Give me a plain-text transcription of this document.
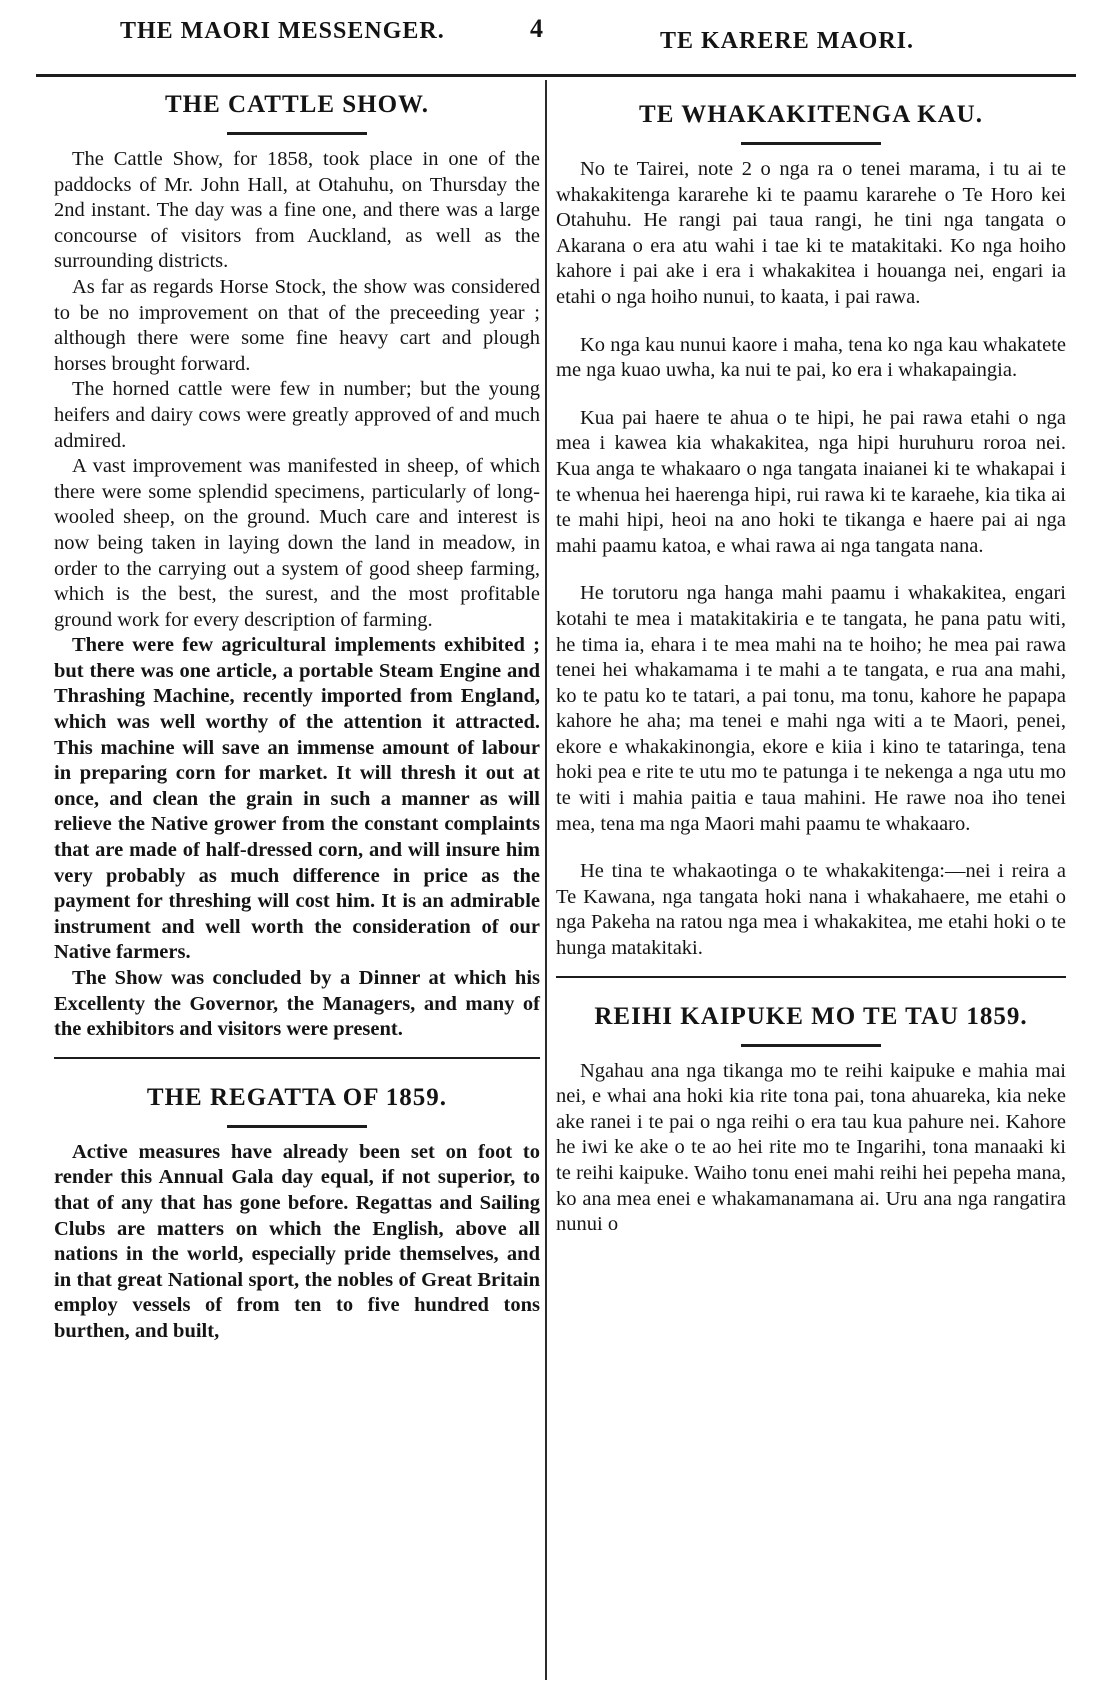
THE MAORI MESSENGER.	4	TE KARERE MAORI.
THE CATTLE SHOW.

The Cattle Show, for 1858, took place in one of the paddocks of Mr. John Hall, at Otahuhu, on Thursday the 2nd instant. The day was a fine one, and there was a large concourse of visitors from Auckland, as well as the surrounding districts.

As far as regards Horse Stock, the show was considered to be no improvement on that of the preceeding year ; although there were some fine heavy cart and plough horses brought forward.

The horned cattle were few in number; but the young heifers and dairy cows were greatly approved of and much admired.

A vast improvement was manifested in sheep, of which there were some splendid specimens, particularly of long-wooled sheep, on the ground. Much care and interest is now being taken in laying down the land in meadow, in order to the carrying out a system of good sheep farming, which is the best, the surest, and the most profitable ground work for every description of farming.

There were few agricultural implements exhibited ; but there was one article, a portable Steam Engine and Thrashing Machine, recently imported from England, which was well worthy of the attention it attracted. This machine will save an immense amount of labour in preparing corn for market. It will thresh it out at once, and clean the grain in such a manner as will relieve the Native grower from the constant complaints that are made of half-dressed corn, and will insure him very probably as much difference in price as the payment for threshing will cost him. It is an admirable instrument and well worth the consideration of our Native farmers.

The Show was concluded by a Dinner at which his Excellenty the Governor, the Managers, and many of the exhibitors and visitors were present.

THE REGATTA OF 1859.

Active measures have already been set on foot to render this Annual Gala day equal, if not superior, to that of any that has gone before. Regattas and Sailing Clubs are matters on which the English, above all nations in the world, especially pride themselves, and in that great National sport, the nobles of Great Britain employ vessels of from ten to five hundred tons burthen, and built,

TE WHAKAKITENGA KAU.

No te Tairei, note 2 o nga ra o tenei marama, i tu ai te whakakitenga kararehe ki te paamu kararehe o Te Horo kei Otahuhu. He rangi pai taua rangi, he tini nga tangata o Akarana o era atu wahi i tae ki te matakitaki. Ko nga hoiho kahore i pai ake i era i whakakitea i houanga nei, engari ia etahi o nga hoiho nunui, to kaata, i pai rawa.

Ko nga kau nunui kaore i maha, tena ko nga kau whakatete me nga kuao uwha, ka nui te pai, ko era i whakapaingia.

Kua pai haere te ahua o te hipi, he pai rawa etahi o nga mea i kawea kia whakakitea, nga hipi huruhuru roroa nei. Kua anga te whakaaro o nga tangata inaianei ki te whakapai i te whenua hei haerenga hipi, rui rawa ki te karaehe, kia tika ai te mahi hipi, heoi na ano hoki te tikanga e haere pai ai nga mahi paamu katoa, e whai rawa ai nga tangata nana.

He torutoru nga hanga mahi paamu i whakakitea, engari kotahi te mea i matakitakiria e te tangata, he pana patu witi, he tima ia, ehara i te mea mahi na te hoiho; he mea pai rawa tenei hei whakamama i te mahi a te tangata, e rua ana mahi, ko te patu ko te tatari, a pai tonu, ma tonu, kahore he papapa kahore he aha; ma tenei e mahi nga witi a te Maori, penei, ekore e whakakinongia, ekore e kiia i kino te tataringa, tena hoki pea e rite te utu mo te patunga i te nekenga a nga utu mo te witi i mahia paitia e taua mahini. He rawe noa iho tenei mea, tena ma nga Maori mahi paamu te whakaaro.

He tina te whakaotinga o te whakakitenga:—nei i reira a Te Kawana, nga tangata hoki nana i whakahaere, me etahi o nga Pakeha na ratou nga mea i whakakitea, me etahi hoki o te hunga matakitaki.

REIHI KAIPUKE MO TE TAU 1859.

Ngahau ana nga tikanga mo te reihi kaipuke e mahia mai nei, e whai ana hoki kia rite tona pai, tona ahuareka, kia neke ake ranei i te pai o nga reihi o era tau kua pahure nei. Kahore he iwi ke ake o te ao hei rite mo te Ingarihi, tona manaaki ki te reihi kaipuke. Waiho tonu enei mahi reihi hei pepeha mana, ko ana mea enei e whakamanamana ai. Uru ana nga rangatira nunui o
